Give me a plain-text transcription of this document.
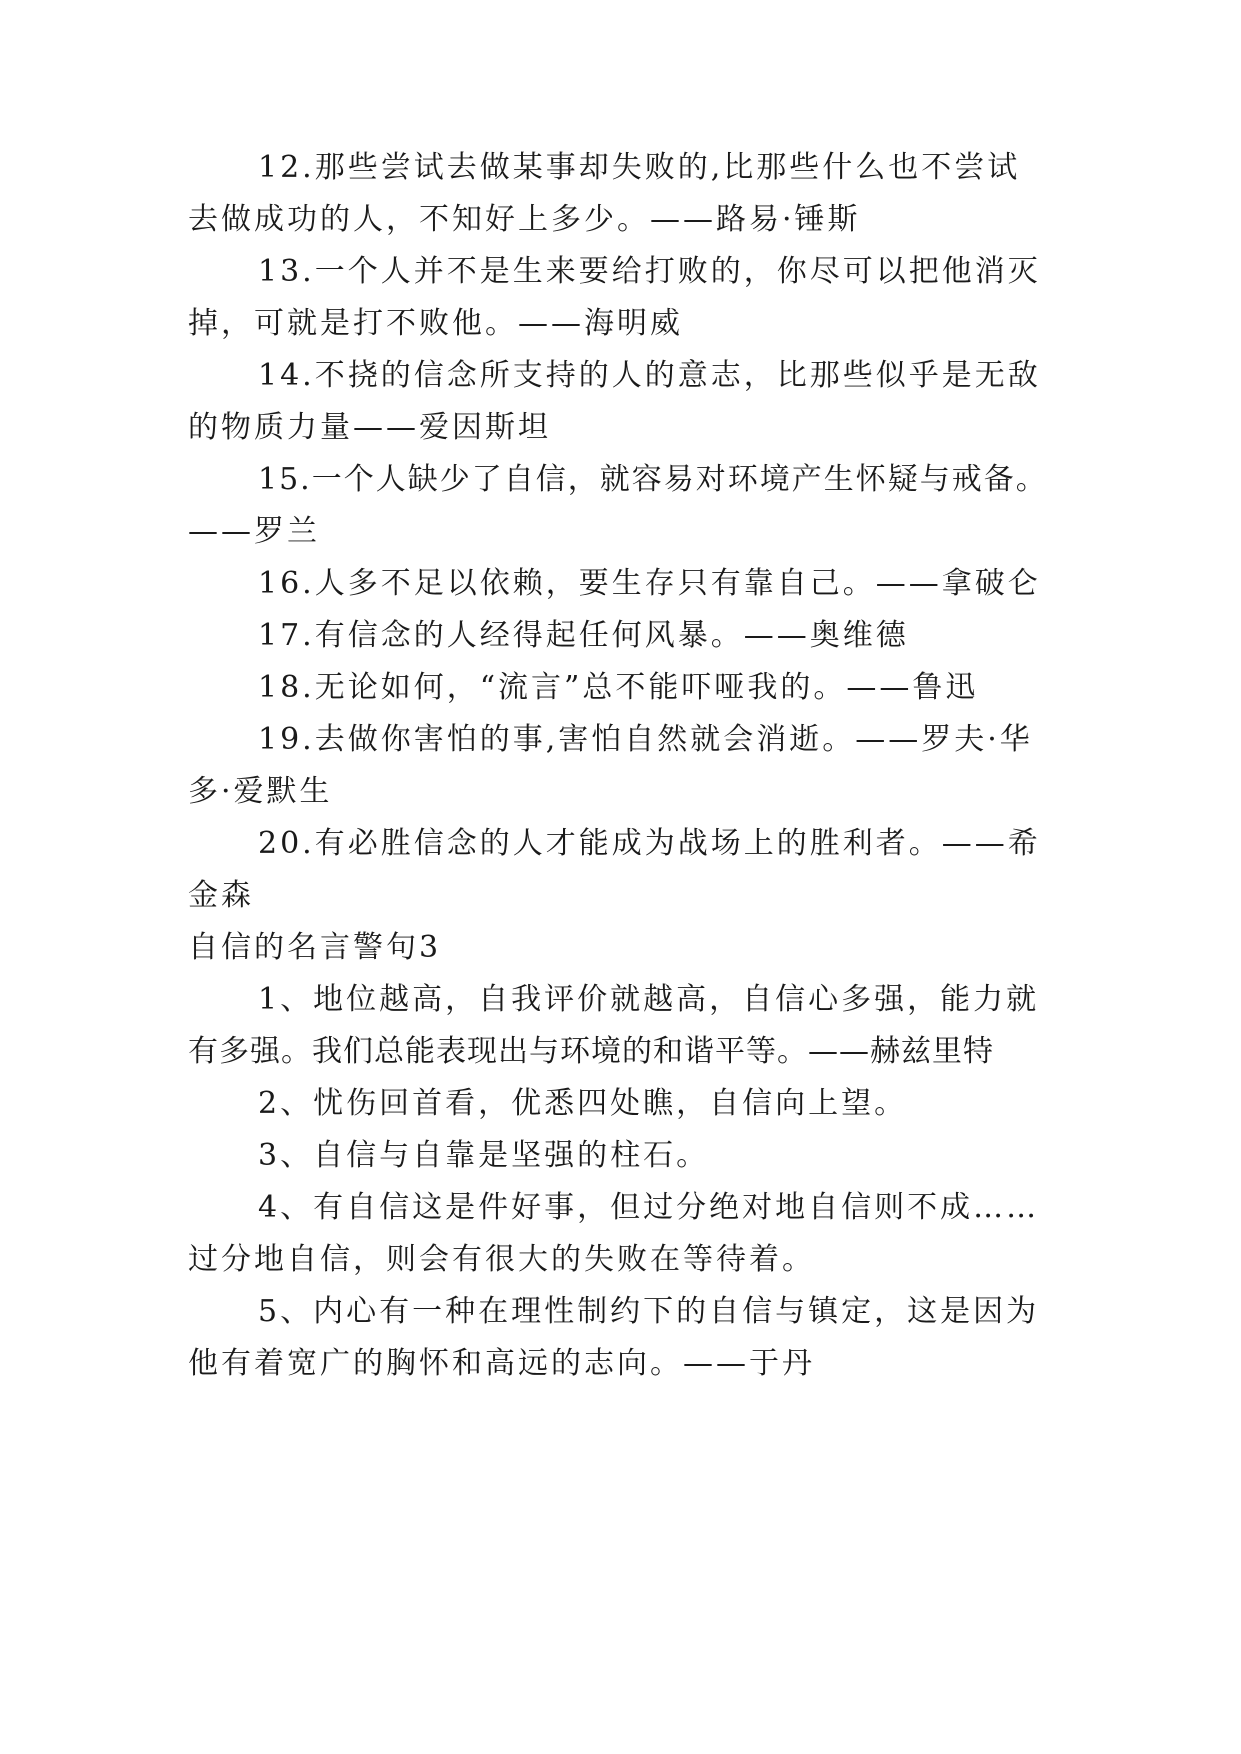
12.那些尝试去做某事却失败的,比那些什么也不尝试
去做成功的人，不知好上多少。——路易·锤斯
13.一个人并不是生来要给打败的，你尽可以把他消灭
掉，可就是打不败他。——海明威
14.不挠的信念所支持的人的意志，比那些似乎是无敌
的物质力量——爱因斯坦
15.一个人缺少了自信，就容易对环境产生怀疑与戒备。
——罗兰
16.人多不足以依赖，要生存只有靠自己。——拿破仑
17.有信念的人经得起任何风暴。——奥维德
18.无论如何，“流言”总不能吓哑我的。——鲁迅
19.去做你害怕的事,害怕自然就会消逝。——罗夫·华
多·爱默生
20.有必胜信念的人才能成为战场上的胜利者。——希
金森
自信的名言警句3
1、地位越高，自我评价就越高，自信心多强，能力就
有多强。我们总能表现出与环境的和谐平等。——赫兹里特
2、忧伤回首看，优悉四处瞧，自信向上望。
3、自信与自靠是坚强的柱石。
4、有自信这是件好事，但过分绝对地自信则不成……
过分地自信，则会有很大的失败在等待着。
5、内心有一种在理性制约下的自信与镇定，这是因为
他有着宽广的胸怀和高远的志向。——于丹
